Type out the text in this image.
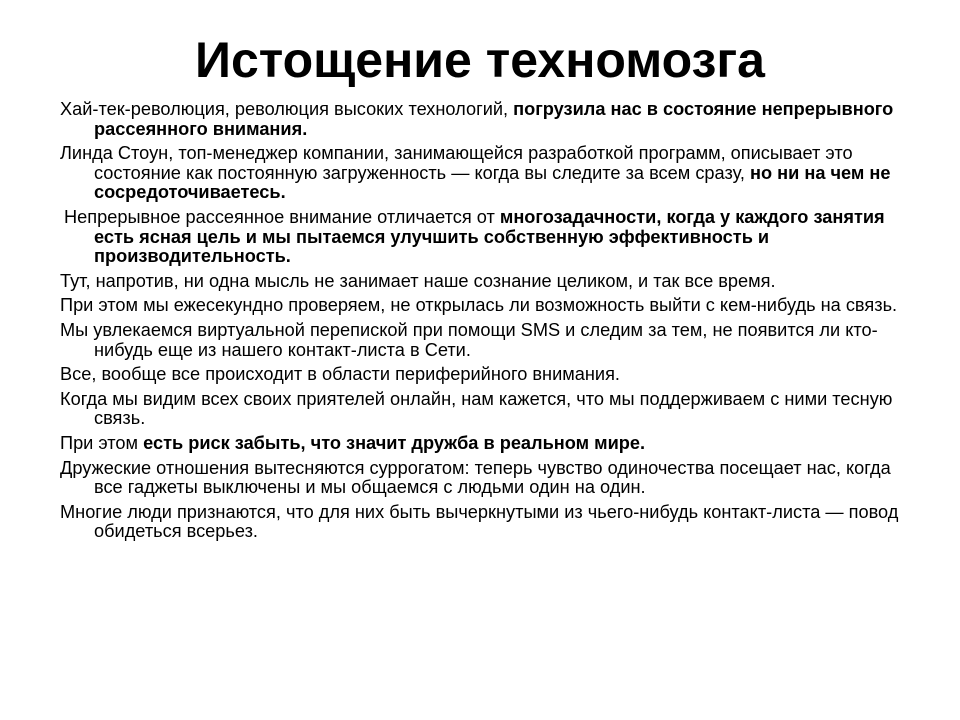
Истощение техномозга

Хай-тек-революция, революция высоких технологий, погрузила нас в состояние непрерывного рассеянного внимания.

Линда Стоун, топ-менеджер компании, занимающейся разработкой программ, описывает это состояние как постоянную загруженность — когда вы следите за всем сразу, но ни на чем не сосредоточиваетесь.

Непрерывное рассеянное внимание отличается от многозадачности, когда у каждого занятия есть ясная цель и мы пытаемся улучшить собственную эффективность и производительность.

Тут, напротив, ни одна мысль не занимает наше сознание целиком, и так все время.

При этом мы ежесекундно проверяем, не открылась ли возможность выйти с кем-нибудь на связь.

Мы увлекаемся виртуальной перепиской при помощи SMS и следим за тем, не появится ли кто-нибудь еще из нашего контакт-листа в Сети.

Все, вообще все происходит в области периферийного внимания.

Когда мы видим всех своих приятелей онлайн, нам кажется, что мы поддерживаем с ними тесную связь.

При этом есть риск забыть, что значит дружба в реальном мире.

Дружеские отношения вытесняются суррогатом: теперь чувство одиночества посещает нас, когда все гаджеты выключены и мы общаемся с людьми один на один.

Многие люди признаются, что для них быть вычеркнутыми из чьего-нибудь контакт-листа — повод обидеться всерьез.
